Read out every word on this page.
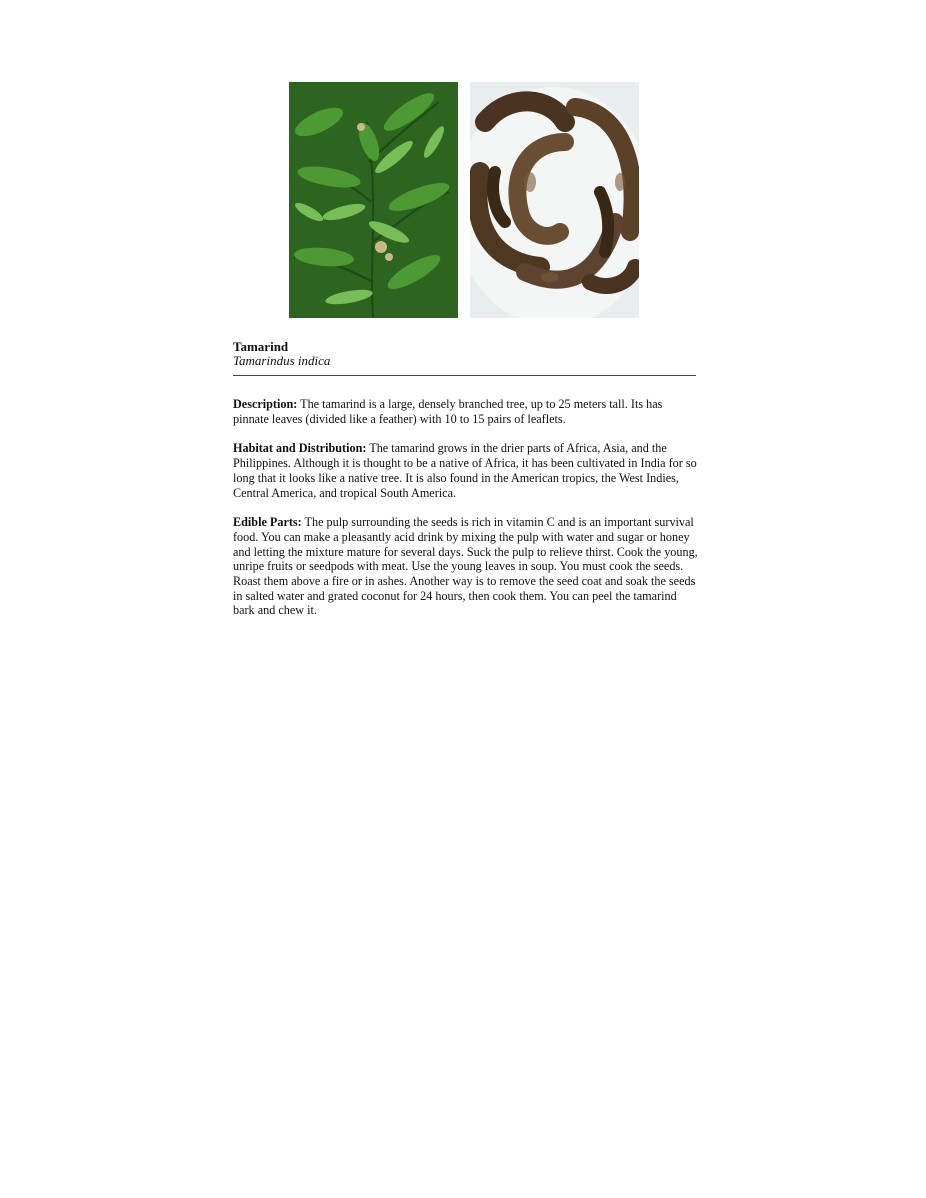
Tamarind

Tamarindus indica

Description: The tamarind is a large, densely branched tree, up to 25 meters tall. Its has pinnate leaves (divided like a feather) with 10 to 15 pairs of leaflets.

Habitat and Distribution: The tamarind grows in the drier parts of Africa, Asia, and the Philippines. Although it is thought to be a native of Africa, it has been cultivated in India for so long that it looks like a native tree. It is also found in the American tropics, the West Indies, Central America, and tropical South America.

Edible Parts: The pulp surrounding the seeds is rich in vitamin C and is an important survival food. You can make a pleasantly acid drink by mixing the pulp with water and sugar or honey and letting the mixture mature for several days. Suck the pulp to relieve thirst. Cook the young, unripe fruits or seedpods with meat. Use the young leaves in soup. You must cook the seeds. Roast them above a fire or in ashes. Another way is to remove the seed coat and soak the seeds in salted water and grated coconut for 24 hours, then cook them. You can peel the tamarind bark and chew it.
